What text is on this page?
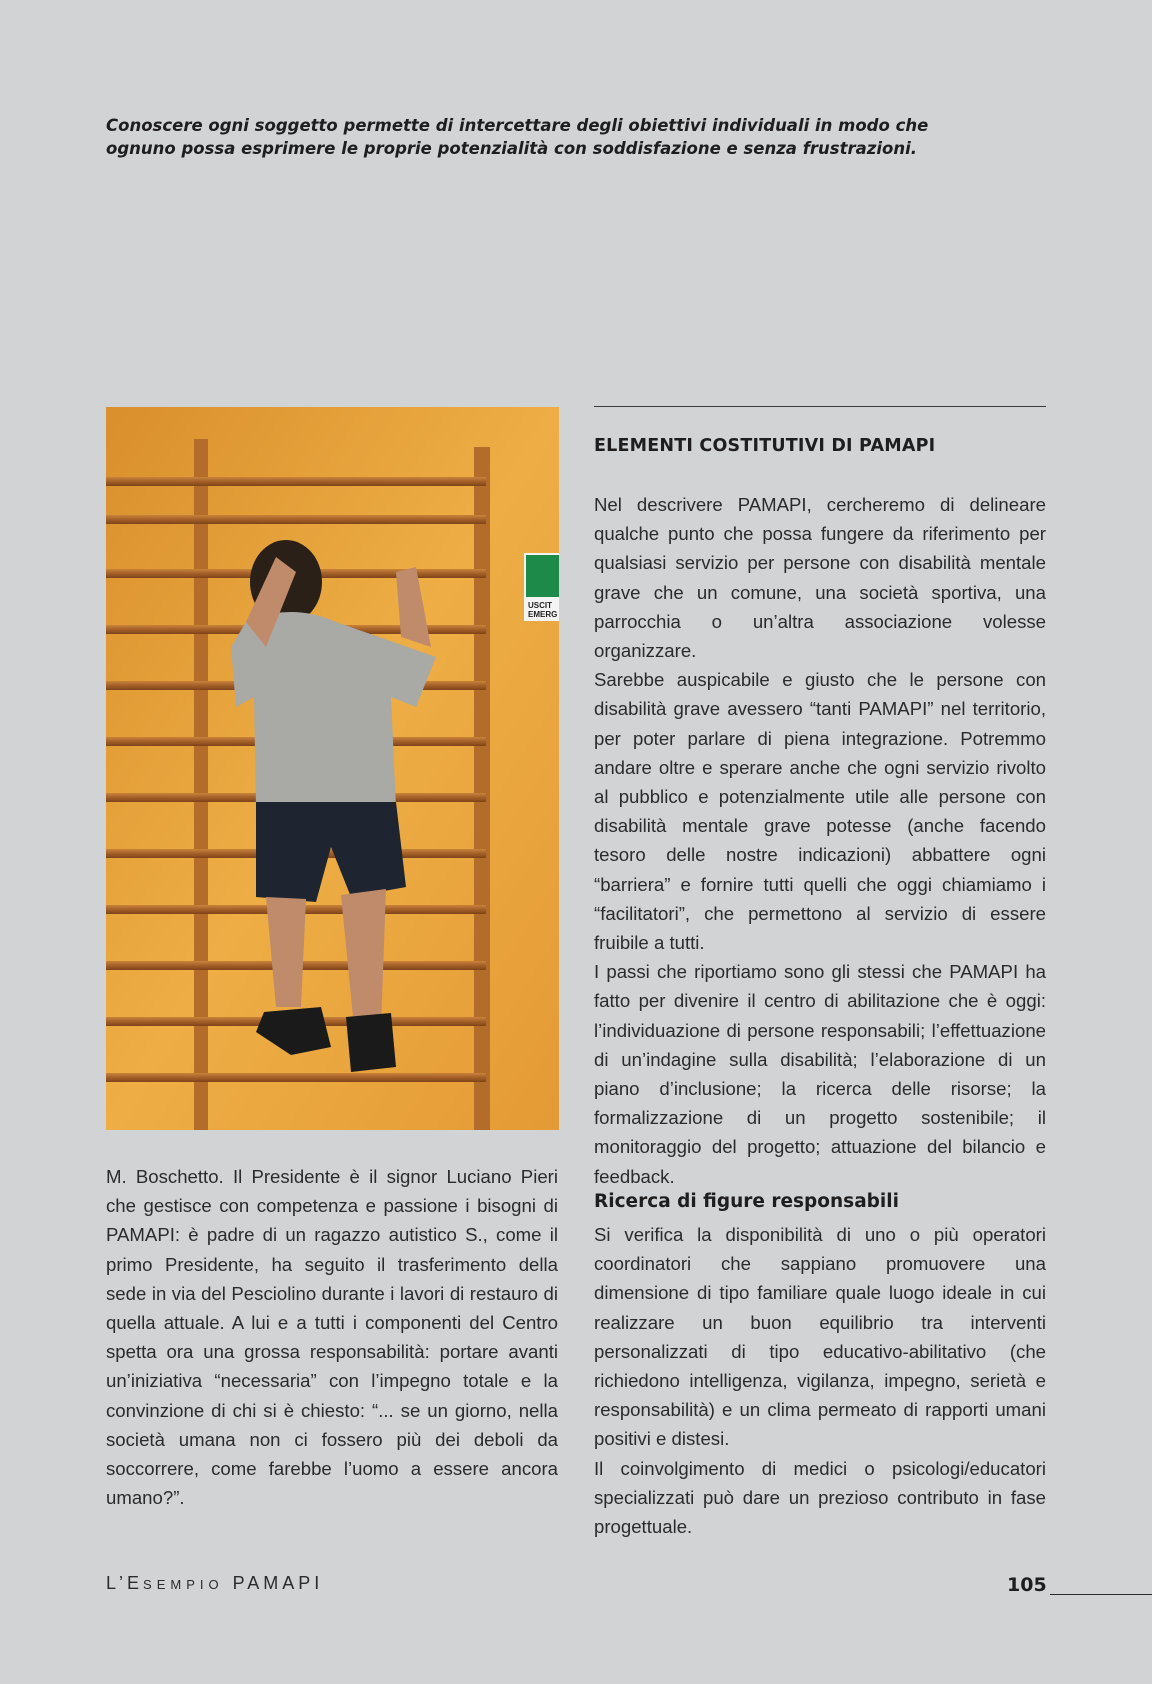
Conoscere ogni soggetto permette di intercettare degli obiettivi individuali in modo che ognuno possa esprimere le proprie potenzialità con soddisfazione e senza frustrazioni.
USCIT
EMERG
ELEMENTI COSTITUTIVI DI PAMAPI

Nel descrivere PAMAPI, cercheremo di delineare qualche punto che possa fungere da riferimento per qualsiasi servizio per persone con disabilità mentale grave che un comune, una società sportiva, una parrocchia o un’altra associazione volesse organizzare.

Sarebbe auspicabile e giusto che le persone con disabilità grave avessero “tanti PAMAPI” nel territorio, per poter parlare di piena integrazione. Potremmo andare oltre e sperare anche che ogni servizio rivolto al pubblico e potenzialmente utile alle persone con disabilità mentale grave potesse (anche facendo tesoro delle nostre indicazioni) abbattere ogni “barriera” e fornire tutti quelli che oggi chiamiamo i “facilitatori”, che permettono al servizio di essere fruibile a tutti.

I passi che riportiamo sono gli stessi che PAMAPI ha fatto per divenire il centro di abilitazione che è oggi: l’individuazione di persone responsabili; l’effettuazione di un’indagine sulla disabilità; l’elaborazione di un piano d’inclusione; la ricerca delle risorse; la formalizzazione di un progetto sostenibile; il monitoraggio del progetto; attuazione del bilancio e feedback.

Ricerca di figure responsabili

Si verifica la disponibilità di uno o più operatori coordinatori che sappiano promuovere una dimensione di tipo familiare quale luogo ideale in cui realizzare un buon equilibrio tra interventi personalizzati di tipo educativo-abilitativo (che richiedono intelligenza, vigilanza, impegno, serietà e responsabilità) e un clima permeato di rapporti umani positivi e distesi.

Il coinvolgimento di medici o psicologi/educatori specializzati può dare un prezioso contributo in fase progettuale.

M. Boschetto. Il Presidente è il signor Luciano Pieri che gestisce con competenza e passione i bisogni di PAMAPI: è padre di un ragazzo autistico S., come il primo Presidente, ha seguito il trasferimento della sede in via del Pesciolino durante i lavori di restauro di quella attuale. A lui e a tutti i componenti del Centro spetta ora una grossa responsabilità: portare avanti un’iniziativa “necessaria” con l’impegno totale e la convinzione di chi si è chiesto: “... se un giorno, nella società umana non ci fossero più dei deboli da soccorrere, come farebbe l’uomo a essere ancora umano?”.

L’ESEMPIO PAMAPI	105
